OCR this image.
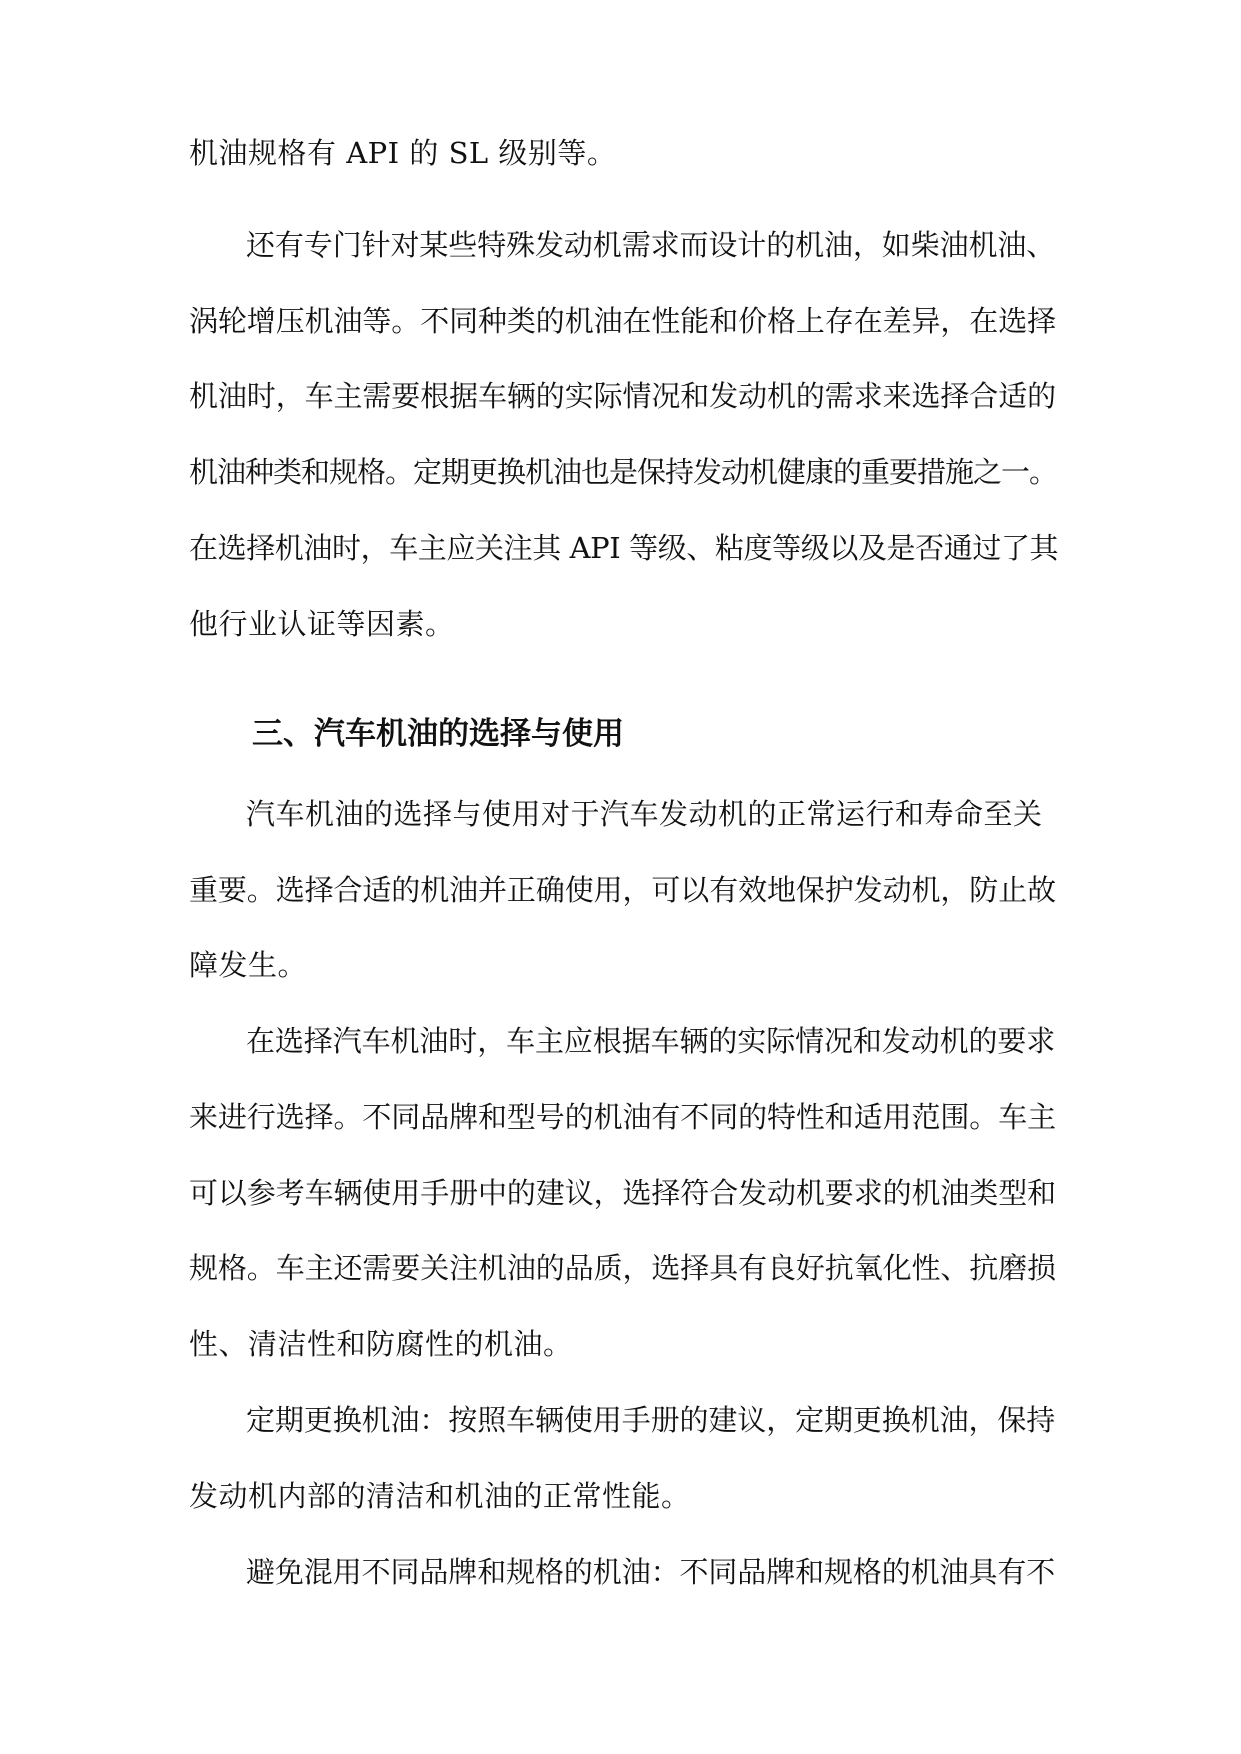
机油规格有 API 的 SL 级别等。
还有专门针对某些特殊发动机需求而设计的机油，如柴油机油、
涡轮增压机油等。不同种类的机油在性能和价格上存在差异，在选择
机油时，车主需要根据车辆的实际情况和发动机的需求来选择合适的
机油种类和规格。定期更换机油也是保持发动机健康的重要措施之一。
在选择机油时，车主应关注其 API 等级、粘度等级以及是否通过了其
他行业认证等因素。
三、汽车机油的选择与使用
汽车机油的选择与使用对于汽车发动机的正常运行和寿命至关
重要。选择合适的机油并正确使用，可以有效地保护发动机，防止故
障发生。
在选择汽车机油时，车主应根据车辆的实际情况和发动机的要求
来进行选择。不同品牌和型号的机油有不同的特性和适用范围。车主
可以参考车辆使用手册中的建议，选择符合发动机要求的机油类型和
规格。车主还需要关注机油的品质，选择具有良好抗氧化性、抗磨损
性、清洁性和防腐性的机油。
定期更换机油：按照车辆使用手册的建议，定期更换机油，保持
发动机内部的清洁和机油的正常性能。
避免混用不同品牌和规格的机油：不同品牌和规格的机油具有不
